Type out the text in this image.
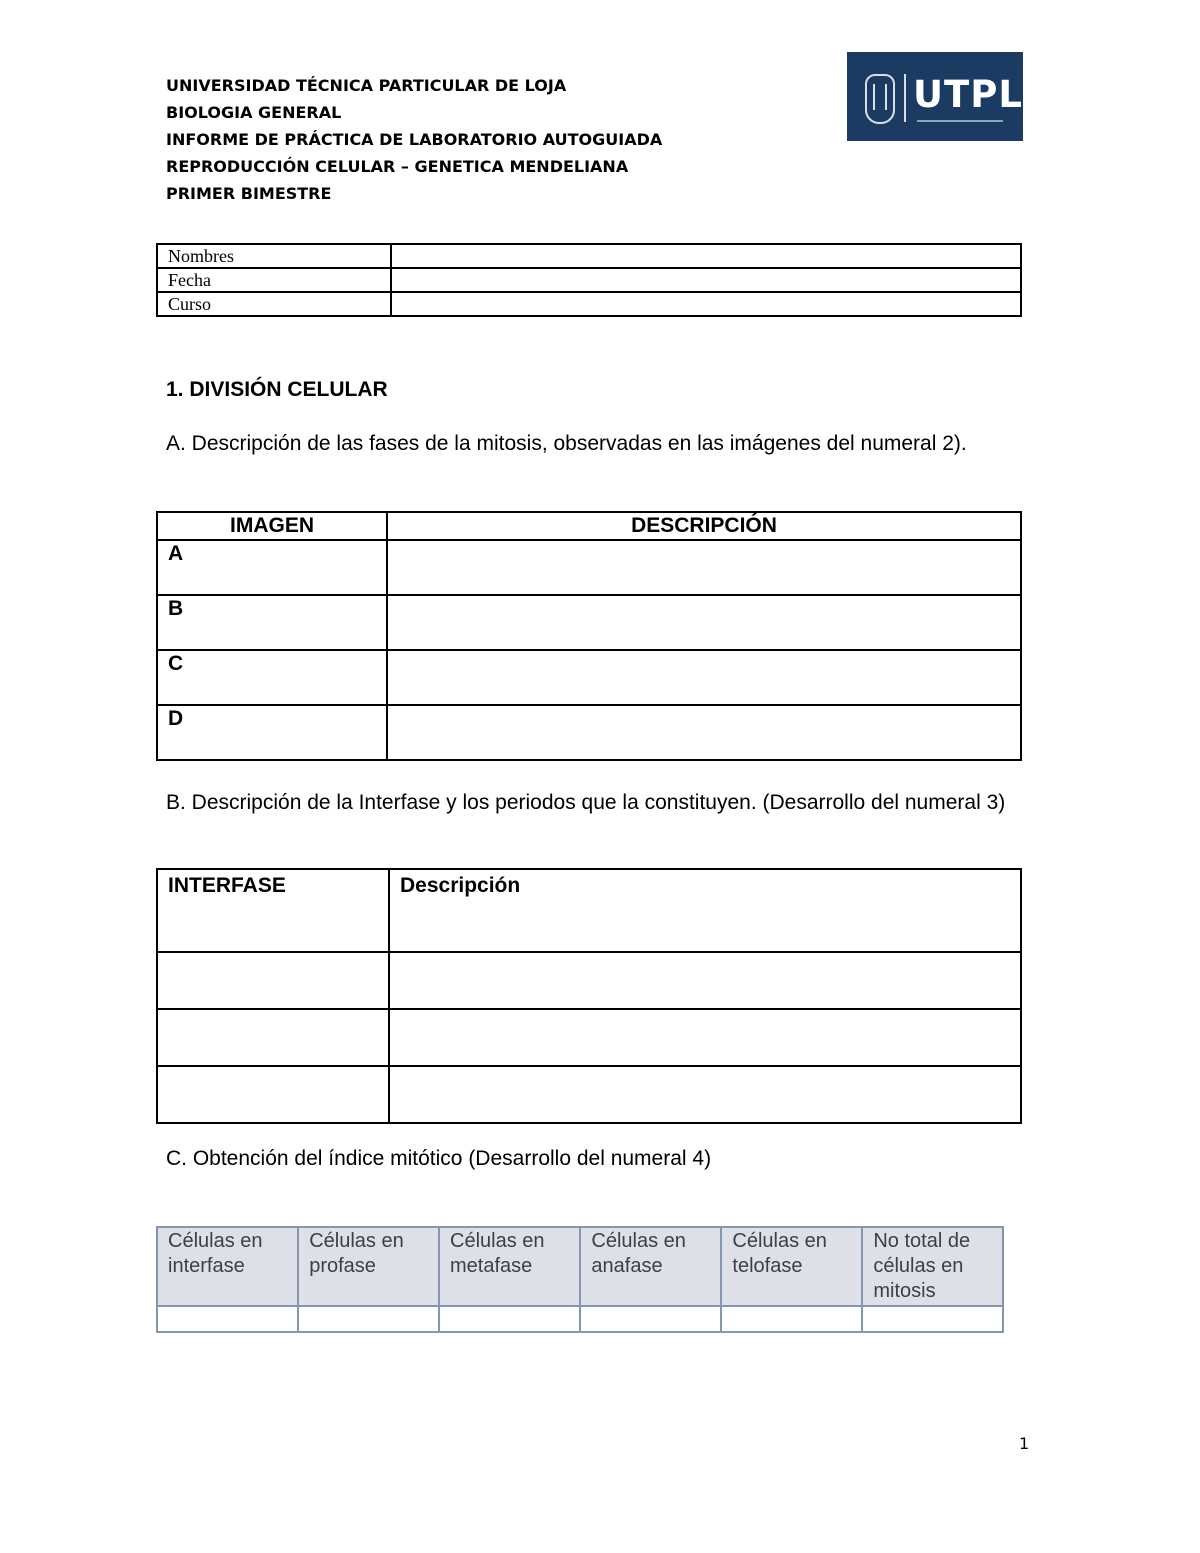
UNIVERSIDAD TÉCNICA PARTICULAR DE LOJA
BIOLOGIA GENERAL
INFORME DE PRÁCTICA DE LABORATORIO AUTOGUIADA
REPRODUCCIÓN CELULAR – GENETICA MENDELIANA
PRIMER BIMESTRE
UTPL
Nombres	
Fecha	
Curso	
1. DIVISIÓN CELULAR
A. Descripción de las fases de la mitosis, observadas en las imágenes del numeral 2).
IMAGEN	DESCRIPCIÓN
A	
B	
C	
D	
B. Descripción de la Interfase y los periodos que la constituyen. (Desarrollo del numeral 3)
INTERFASE	Descripción

C. Obtención del índice mitótico (Desarrollo del numeral 4)
Células en interfase	Células en profase	Células en metafase	Células en anafase	Células en telofase	No total de células en mitosis

1
